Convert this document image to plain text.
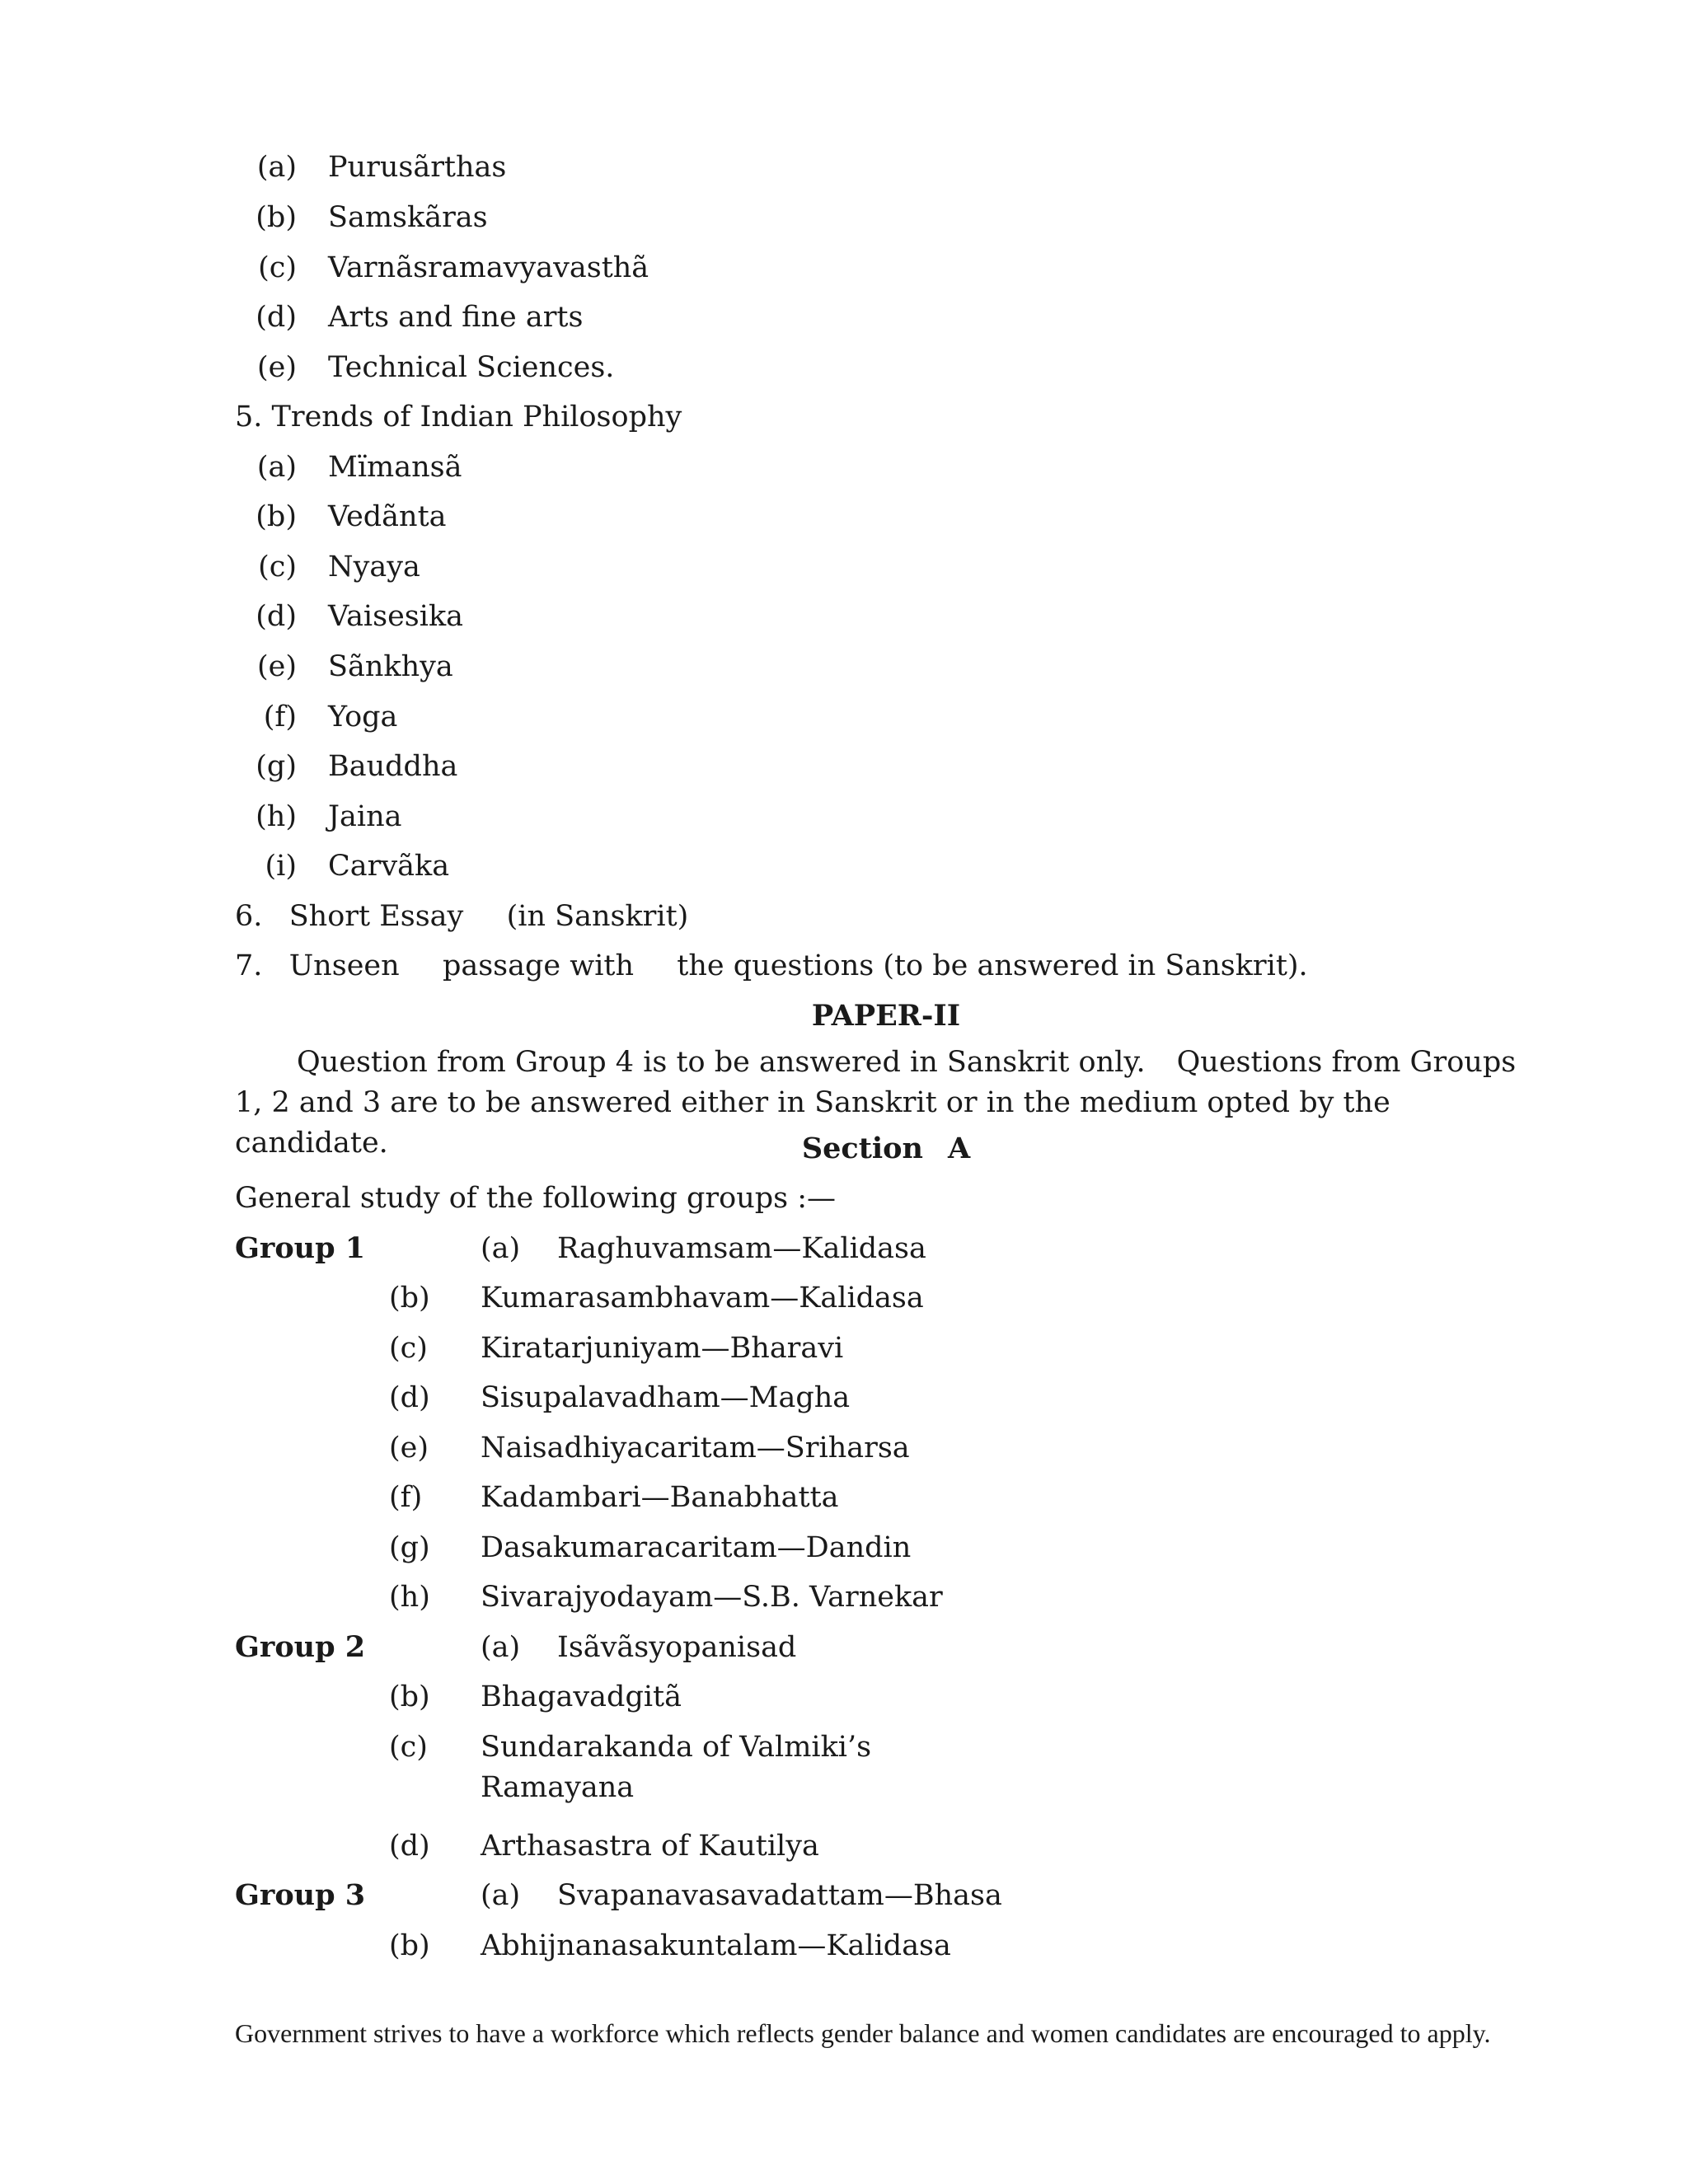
(a) Purusãrthas
(b) Samskãras
(c) Varnãsramavyavasthã
(d) Arts and fine arts
(e) Technical Sciences.
5. Trends of Indian Philosophy
(a) Mïmansã
(b) Vedãnta
(c) Nyaya
(d) Vaisesika
(e) Sãnkhya
(f) Yoga
(g) Bauddha
(h) Jaina
(i) Carvãka
6. Short Essay (in Sanskrit)
7. Unseen passage with the questions (to be answered in Sanskrit).
PAPER-II
Question from Group 4 is to be answered in Sanskrit only. Questions from Groups 1, 2 and 3 are to be answered either in Sanskrit or in the medium opted by the candidate.	Section A
General study of the following groups :—
Group 1	(a) Raghuvamsam—Kalidasa
(b) Kumarasambhavam—Kalidasa
(c) Kiratarjuniyam—Bharavi
(d) Sisupalavadham—Magha
(e) Naisadhiyacaritam—Sriharsa
(f) Kadambari—Banabhatta
(g) Dasakumaracaritam—Dandin
(h) Sivarajyodayam—S.B. Varnekar
Group 2	(a) Isãvãsyopanisad
(b) Bhagavadgitã
(c) Sundarakanda of Valmiki’s
Ramayana
(d) Arthasastra of Kautilya
Group 3	(a) Svapanavasavadattam—Bhasa
(b) Abhijnanasakuntalam—Kalidasa
Government strives to have a workforce which reflects gender balance and women candidates are encouraged to apply.
